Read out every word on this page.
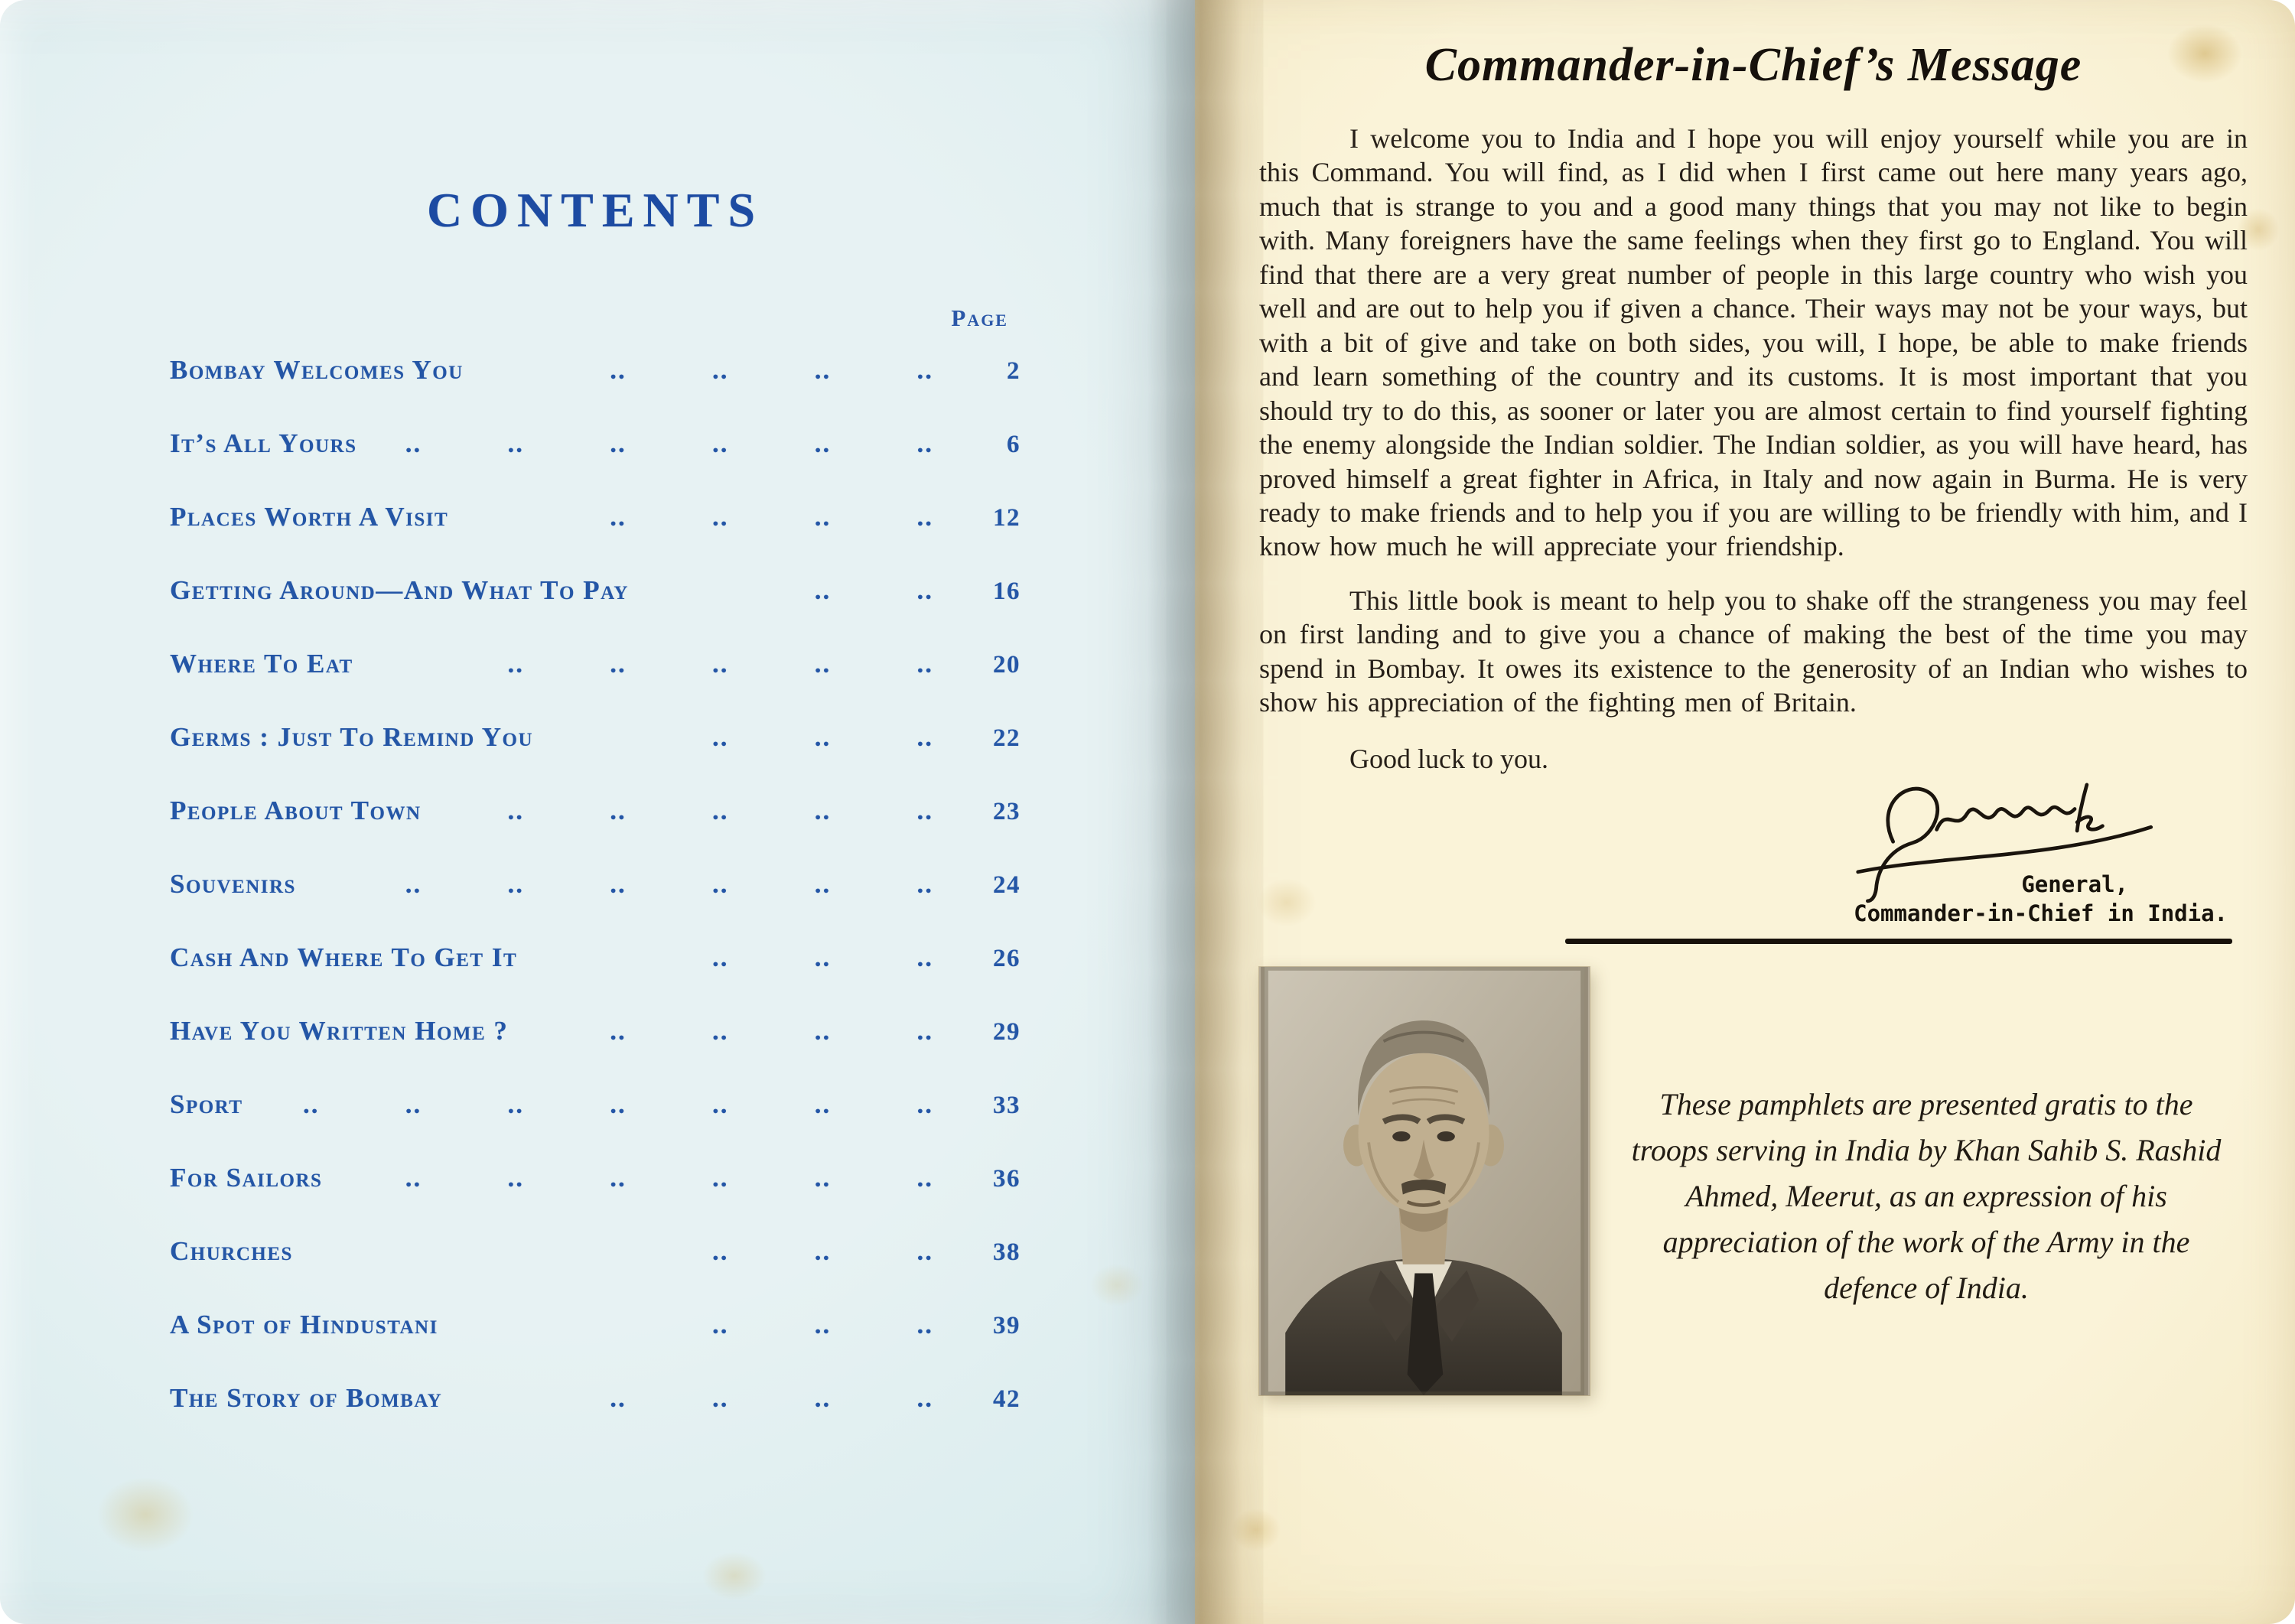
CONTENTS
Page
Bombay Welcomes You	.. .. .. ..	2
It’s All Yours	.. .. .. .. .. ..	6
Places Worth A Visit	.. .. .. ..	12
Getting Around—And What To Pay	.. ..	16
Where To Eat	.. .. .. .. ..	20
Germs : Just To Remind You	.. .. ..	22
People About Town	.. .. .. .. ..	23
Souvenirs	.. .. .. .. .. ..	24
Cash And Where To Get It	.. .. ..	26
Have You Written Home ?	.. .. .. ..	29
Sport	.. .. .. .. .. .. ..	33
For Sailors	.. .. .. .. .. ..	36
Churches	.. .. ..	38
A Spot of Hindustani	.. .. ..	39
The Story of Bombay	.. .. .. ..	42
Commander-in-Chief’s Message

I welcome you to India and I hope you will enjoy yourself while you are in this Command. You will find, as I did when I first came out here many years ago, much that is strange to you and a good many things that you may not like to begin with. Many foreigners have the same feelings when they first go to England. You will find that there are a very great number of people in this large country who wish you well and are out to help you if given a chance. Their ways may not be your ways, but with a bit of give and take on both sides, you will, I hope, be able to make friends and learn something of the country and its customs. It is most important that you should try to do this, as sooner or later you are almost certain to find yourself fighting the enemy alongside the Indian soldier. The Indian soldier, as you will have heard, has proved himself a great fighter in Africa, in Italy and now again in Burma. He is very ready to make friends and to help you if you are willing to be friendly with him, and I know how much he will appreciate your friendship.

This little book is meant to help you to shake off the strangeness you may feel on first landing and to give you a chance of making the best of the time you may spend in Bombay. It owes its existence to the generosity of an Indian who wishes to show his appreciation of the fighting men of Britain.

Good luck to you.

General,
Commander-in-Chief in India.
These pamphlets are presented gratis to the troops serving in India by Khan Sahib S. Rashid Ahmed, Meerut, as an expression of his appreciation of the work of the Army in the defence of India.
